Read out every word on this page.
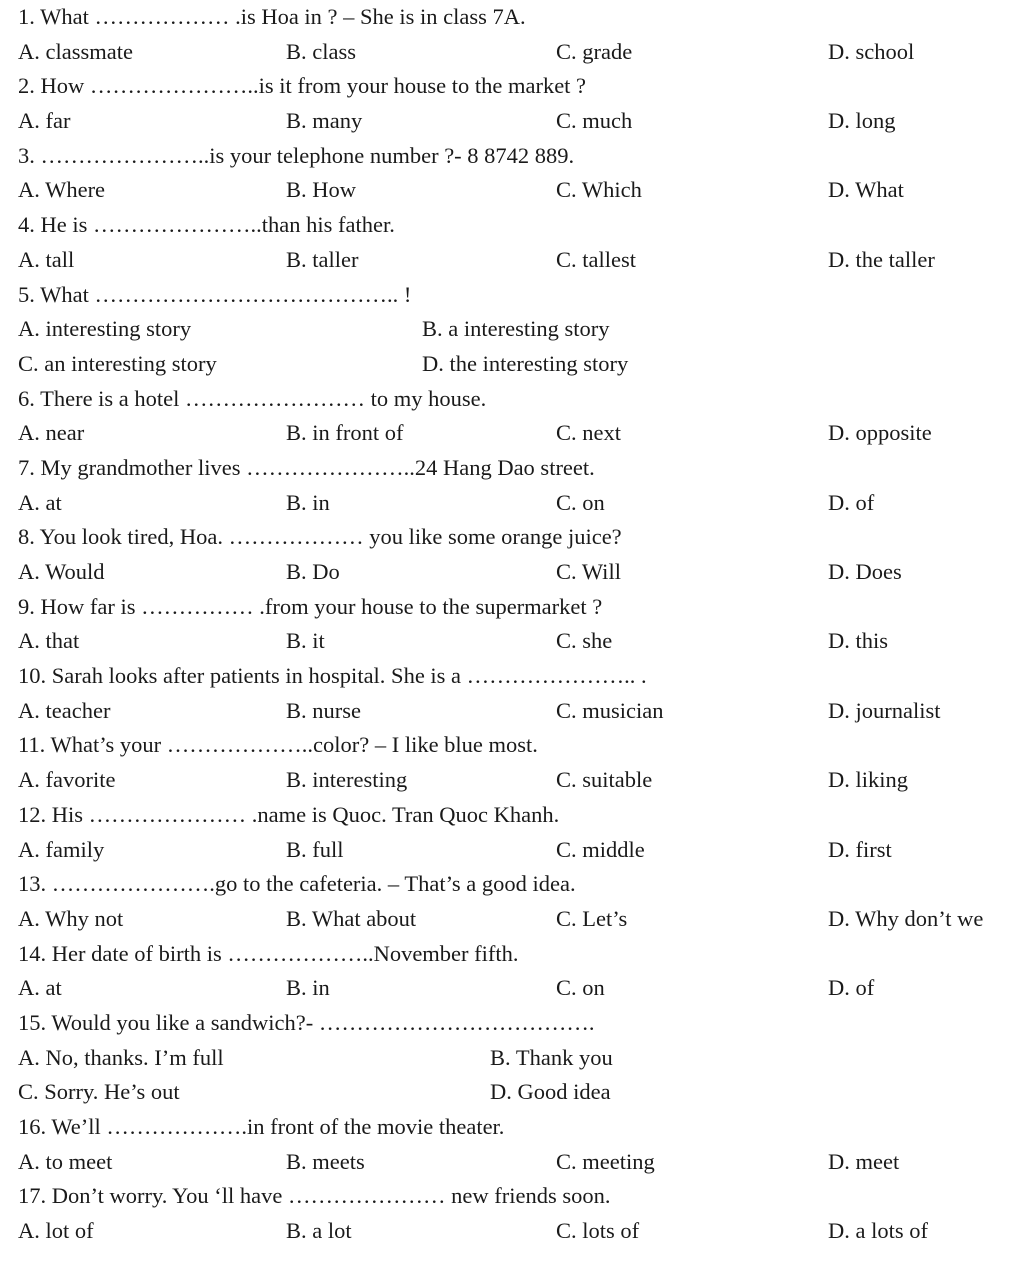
1. What ……………… .is Hoa in ? – She is in class 7A.
A. classmate	B. class	C. grade	D. school
2. How …………………..is it from your house to the market ?
A. far	B. many	C. much	D. long
3. …………………..is your telephone number ?- 8 8742 889.
A. Where	B. How	C. Which	D. What
4. He is …………………..than his father.
A. tall	B. taller	C. tallest	D. the taller
5. What ………………………………….. !
A. interesting story	B. a interesting story
C. an interesting story	D. the interesting story
6. There is a hotel …………………… to my house.
A. near	B. in front of	C. next	D. opposite
7. My grandmother lives …………………..24 Hang Dao street.
A. at	B. in	C. on	D. of
8. You look tired, Hoa. ……………… you like some orange juice?
A. Would	B. Do	C. Will	D. Does
9. How far is …………… .from your house to the supermarket ?
A. that	B. it	C. she	D. this
10. Sarah looks after patients in hospital. She is a ………………….. .
A. teacher	B. nurse	C. musician	D. journalist
11. What’s your ………………..color? – I like blue most.
A. favorite	B. interesting	C. suitable	D. liking
12. His ………………… .name is Quoc. Tran Quoc Khanh.
A. family	B. full	C. middle	D. first
13. ………………….go to the cafeteria. – That’s a good idea.
A. Why not	B. What about	C. Let’s	D. Why don’t we
14. Her date of birth is ………………..November fifth.
A. at	B. in	C. on	D. of
15. Would you like a sandwich?- ……………………………….
A. No, thanks. I’m full	B. Thank you
C. Sorry. He’s out	D. Good idea
16. We’ll ……………….in front of the movie theater.
A. to meet	B. meets	C. meeting	D. meet
17. Don’t worry. You ‘ll have ………………… new friends soon.
A. lot of	B. a lot	C. lots of	D. a lots of
